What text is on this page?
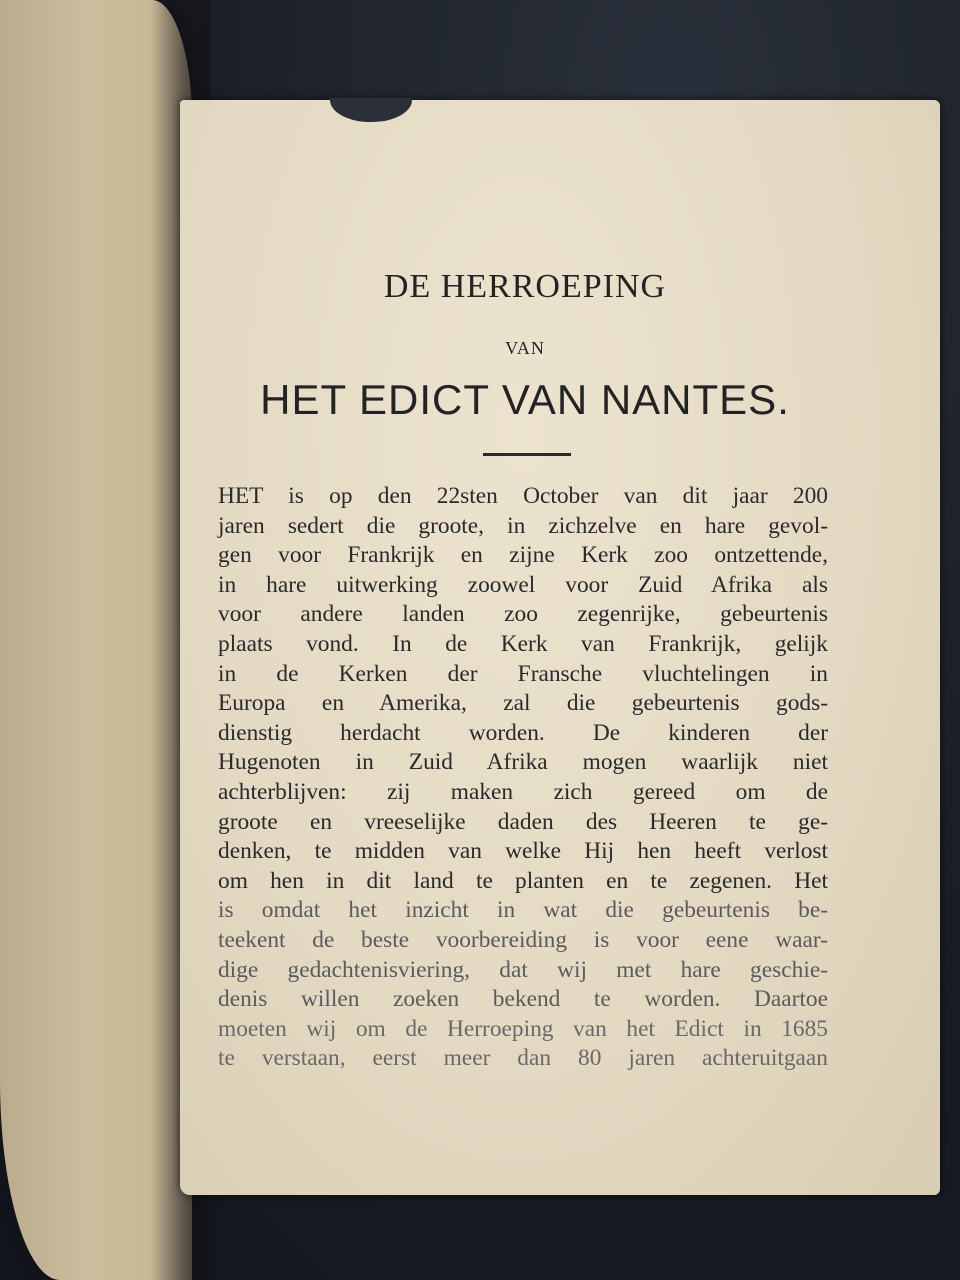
DE HERROEPING
VAN
HET EDICT VAN NANTES.
HET is op den 22sten October van dit jaar 200
jaren sedert die groote, in zichzelve en hare gevol-
gen voor Frankrijk en zijne Kerk zoo ontzettende,
in hare uitwerking zoowel voor Zuid Afrika als
voor andere landen zoo zegenrijke, gebeurtenis
plaats vond. In de Kerk van Frankrijk, gelijk
in de Kerken der Fransche vluchtelingen in
Europa en Amerika, zal die gebeurtenis gods-
dienstig herdacht worden. De kinderen der
Hugenoten in Zuid Afrika mogen waarlijk niet
achterblijven: zij maken zich gereed om de
groote en vreeselijke daden des Heeren te ge-
denken, te midden van welke Hij hen heeft verlost
om hen in dit land te planten en te zegenen. Het
is omdat het inzicht in wat die gebeurtenis be-
teekent de beste voorbereiding is voor eene waar-
dige gedachtenisviering, dat wij met hare geschie-
denis willen zoeken bekend te worden. Daartoe
moeten wij om de Herroeping van het Edict in 1685
te verstaan, eerst meer dan 80 jaren achteruitgaan
